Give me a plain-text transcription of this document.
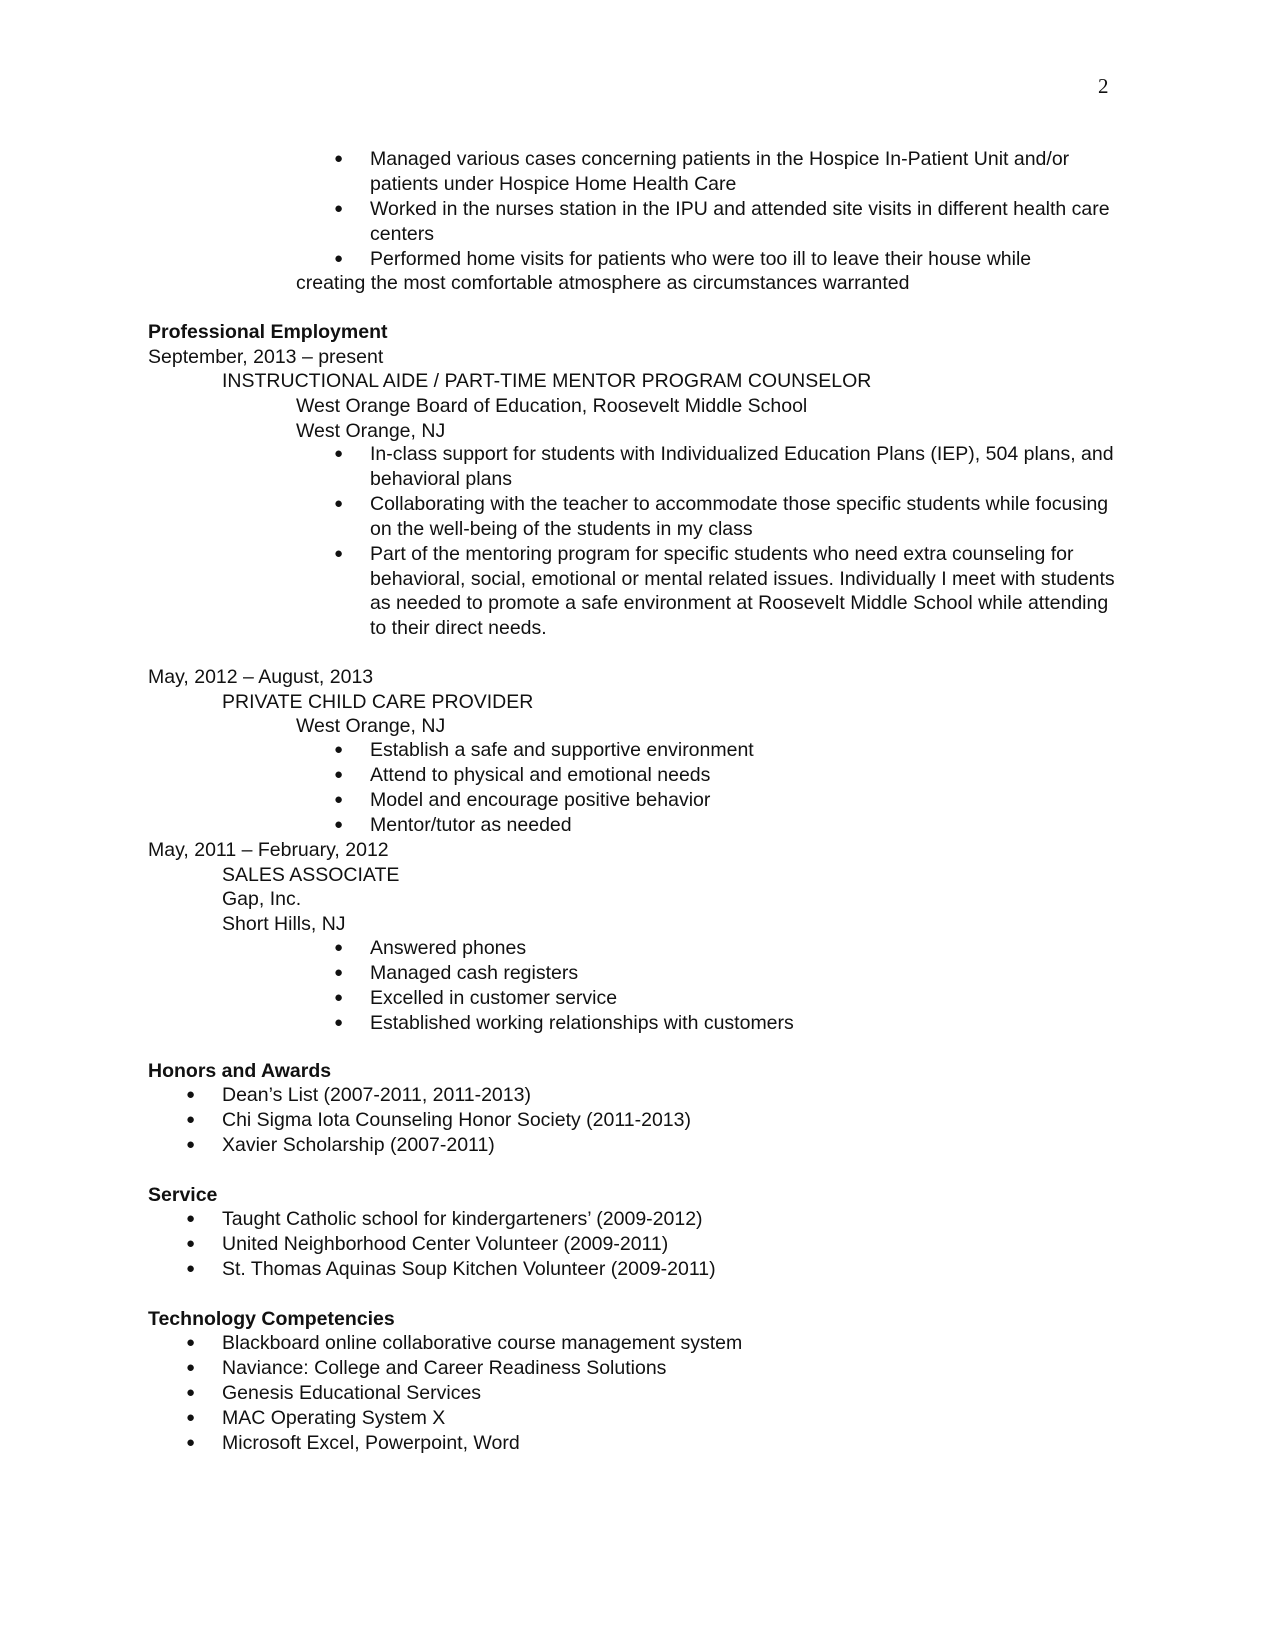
2
● Managed various cases concerning patients in the Hospice In-Patient Unit and/or patients under Hospice Home Health Care
● Worked in the nurses station in the IPU and attended site visits in different health care centers
● Performed home visits for patients who were too ill to leave their house while
creating the most comfortable atmosphere as circumstances warranted
Professional Employment
September, 2013 – present
INSTRUCTIONAL AIDE / PART-TIME MENTOR PROGRAM COUNSELOR
West Orange Board of Education, Roosevelt Middle School
West Orange, NJ
● In-class support for students with Individualized Education Plans (IEP), 504 plans, and behavioral plans
● Collaborating with the teacher to accommodate those specific students while focusing on the well-being of the students in my class
● Part of the mentoring program for specific students who need extra counseling for behavioral, social, emotional or mental related issues. Individually I meet with students as needed to promote a safe environment at Roosevelt Middle School while attending to their direct needs.
May, 2012 – August, 2013
PRIVATE CHILD CARE PROVIDER
West Orange, NJ
● Establish a safe and supportive environment
● Attend to physical and emotional needs
● Model and encourage positive behavior
● Mentor/tutor as needed
May, 2011 – February, 2012
SALES ASSOCIATE
Gap, Inc.
Short Hills, NJ
● Answered phones
● Managed cash registers
● Excelled in customer service
● Established working relationships with customers
Honors and Awards
● Dean’s List (2007-2011, 2011-2013)
● Chi Sigma Iota Counseling Honor Society (2011-2013)
● Xavier Scholarship (2007-2011)
Service
● Taught Catholic school for kindergarteners’ (2009-2012)
● United Neighborhood Center Volunteer (2009-2011)
● St. Thomas Aquinas Soup Kitchen Volunteer (2009-2011)
Technology Competencies
● Blackboard online collaborative course management system
● Naviance: College and Career Readiness Solutions
● Genesis Educational Services
● MAC Operating System X
● Microsoft Excel, Powerpoint, Word
